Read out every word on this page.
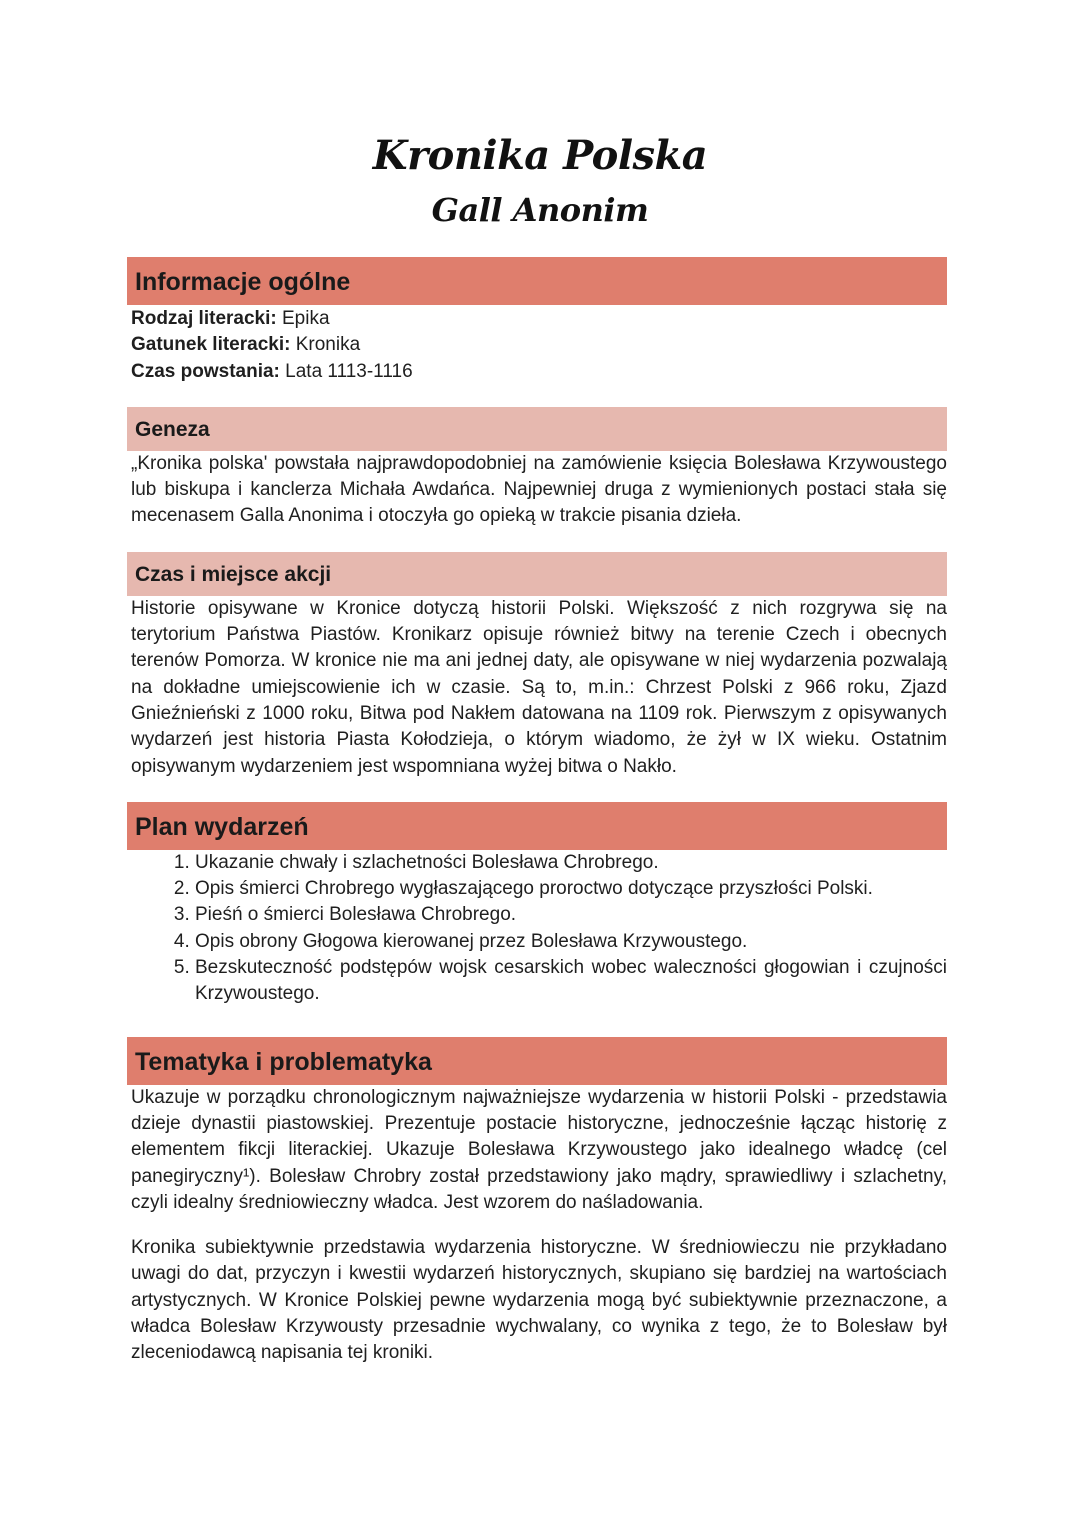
Kronika Polska
Gall Anonim
Informacje ogólne
Rodzaj literacki: Epika
Gatunek literacki: Kronika
Czas powstania: Lata 1113-1116
Geneza
„Kronika polska' powstała najprawdopodobniej na zamówienie księcia Bolesława Krzywoustego lub biskupa i kanclerza Michała Awdańca. Najpewniej druga z wymienionych postaci stała się mecenasem Galla Anonima i otoczyła go opieką w trakcie pisania dzieła.
Czas i miejsce akcji
Historie opisywane w Kronice dotyczą historii Polski. Większość z nich rozgrywa się na terytorium Państwa Piastów. Kronikarz opisuje również bitwy na terenie Czech i obecnych terenów Pomorza. W kronice nie ma ani jednej daty, ale opisywane w niej wydarzenia pozwalają na dokładne umiejscowienie ich w czasie. Są to, m.in.: Chrzest Polski z 966 roku, Zjazd Gnieźnieński z 1000 roku, Bitwa pod Nakłem datowana na 1109 rok. Pierwszym z opisywanych wydarzeń jest historia Piasta Kołodzieja, o którym wiadomo, że żył w IX wieku. Ostatnim opisywanym wydarzeniem jest wspomniana wyżej bitwa o Nakło.
Plan wydarzeń
1. Ukazanie chwały i szlachetności Bolesława Chrobrego.
2. Opis śmierci Chrobrego wygłaszającego proroctwo dotyczące przyszłości Polski.
3. Pieśń o śmierci Bolesława Chrobrego.
4. Opis obrony Głogowa kierowanej przez Bolesława Krzywoustego.
5. Bezskuteczność podstępów wojsk cesarskich wobec waleczności głogowian i czujności Krzywoustego.
Tematyka i problematyka
Ukazuje w porządku chronologicznym najważniejsze wydarzenia w historii Polski - przedstawia dzieje dynastii piastowskiej. Prezentuje postacie historyczne, jednocześnie łącząc historię z elementem fikcji literackiej. Ukazuje Bolesława Krzywoustego jako idealnego władcę (cel panegiryczny¹). Bolesław Chrobry został przedstawiony jako mądry, sprawiedliwy i szlachetny, czyli idealny średniowieczny władca. Jest wzorem do naśladowania.
Kronika subiektywnie przedstawia wydarzenia historyczne. W średniowieczu nie przykładano uwagi do dat, przyczyn i kwestii wydarzeń historycznych, skupiano się bardziej na wartościach artystycznych. W Kronice Polskiej pewne wydarzenia mogą być subiektywnie przeznaczone, a władca Bolesław Krzywousty przesadnie wychwalany, co wynika z tego, że to Bolesław był zleceniodawcą napisania tej kroniki.
